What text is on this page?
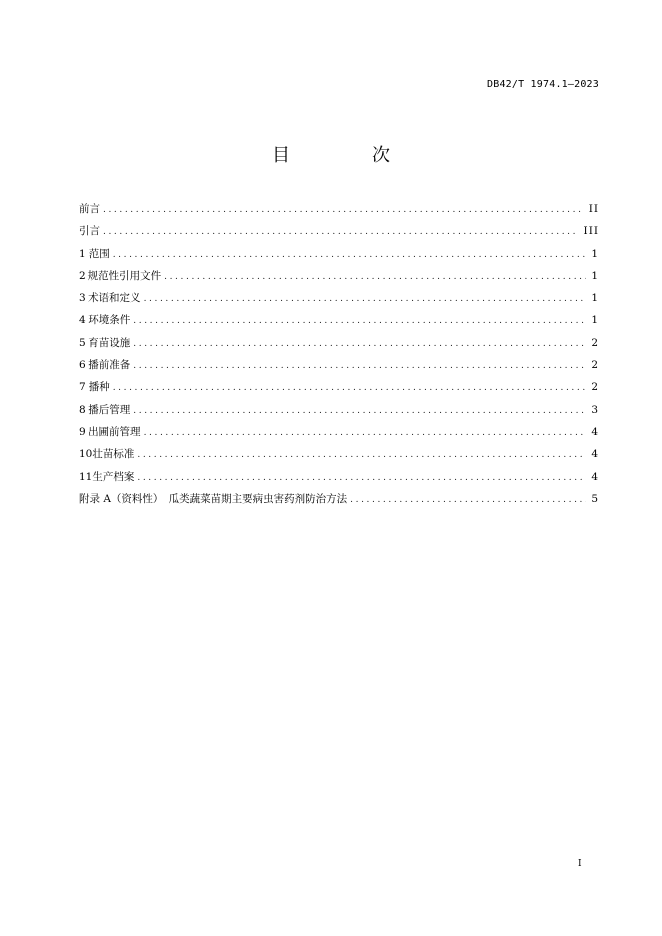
DB42/T 1974.1—2023
目　次
前言 .....	II
引言 .....	III
1 范围 .....	1
2 规范性引用文件 .....	1
3 术语和定义 .....	1
4 环境条件 .....	1
5 育苗设施 .....	2
6 播前准备 .....	2
7 播种 .....	2
8 播后管理 .....	3
9 出圃前管理 .....	4
10 壮苗标准 .....	4
11 生产档案 .....	4
附录 A（资料性）　瓜类蔬菜苗期主要病虫害药剂防治方法 .....	5
I
